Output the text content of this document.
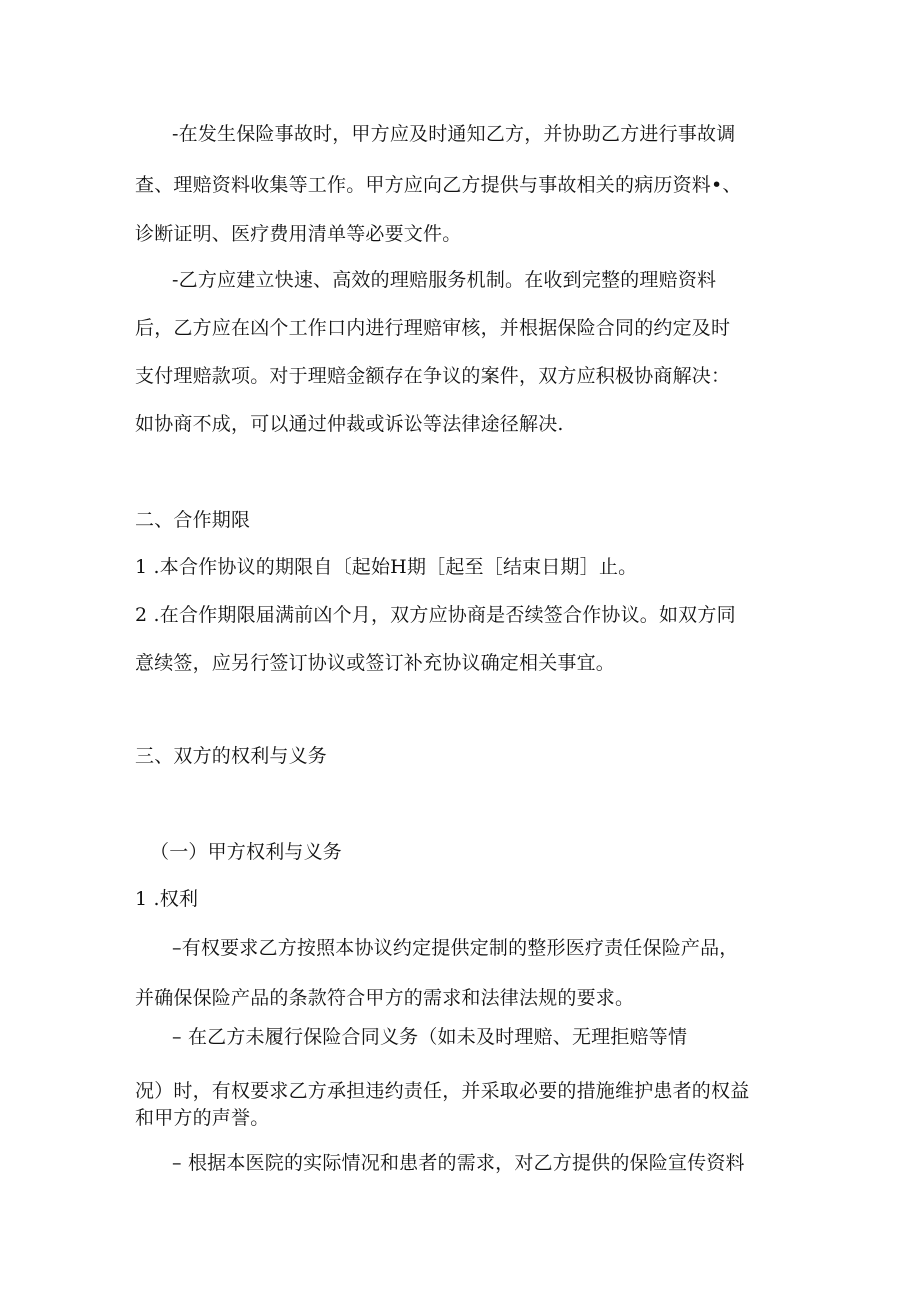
-在发生保险事故时，甲方应及时通知乙方，并协助乙方进行事故调
查、理赔资料收集等工作。甲方应向乙方提供与事故相关的病历资料•、
诊断证明、医疗费用清单等必要文件。
-乙方应建立快速、高效的理赔服务机制。在收到完整的理赔资料
后，乙方应在凶个工作口内进行理赔审核，并根据保险合同的约定及时
支付理赔款项。对于理赔金额存在争议的案件，双方应积极协商解决：
如协商不成，可以通过仲裁或诉讼等法律途径解决.
二、合作期限
1 .本合作协议的期限自〔起始H期［起至［结束日期］止。
2 .在合作期限届满前凶个月，双方应协商是否续签合作协议。如双方同
意续签，应另行签订协议或签订补充协议确定相关事宜。
三、双方的权利与义务
（一）甲方权利与义务
1 .权利
–有权要求乙方按照本协议约定提供定制的整形医疗责任保险产品，
并确保保险产品的条款符合甲方的需求和法律法规的要求。
– 在乙方未履行保险合同义务（如未及时理赔、无理拒赔等情
况）时，有权要求乙方承担违约责任，并采取必要的措施维护患者的权益
和甲方的声誉。
– 根据本医院的实际情况和患者的需求，对乙方提供的保险宣传资料
